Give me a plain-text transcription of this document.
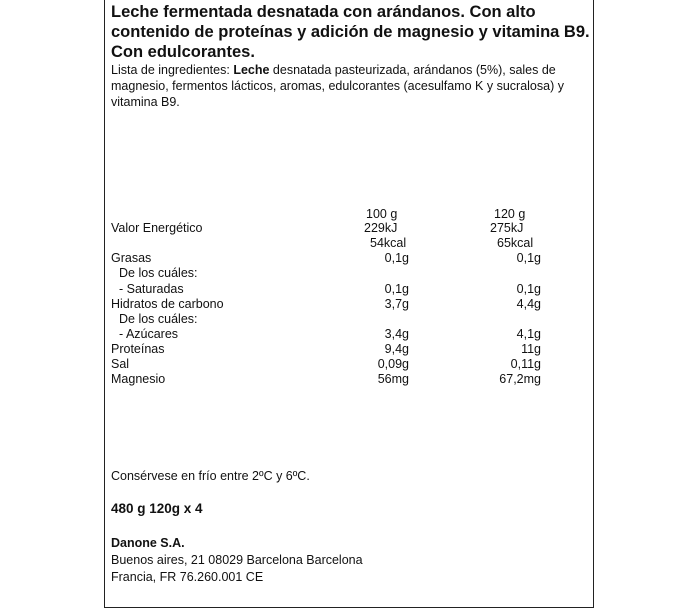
Leche fermentada desnatada con arándanos. Con alto contenido de proteínas y adición de magnesio y vitamina B9. Con edulcorantes.
Lista de ingredientes: Leche desnatada pasteurizada, arándanos (5%), sales de magnesio, fermentos lácticos, aromas, edulcorantes (acesulfamo K y sucralosa) y vitamina B9.
100 g	120 g
Valor Energético	229kJ	275kJ
54kcal	65kcal
Grasas	0,1g	0,1g
De los cuáles:
- Saturadas	0,1g	0,1g
Hidratos de carbono	3,7g	4,4g
De los cuáles:
- Azúcares	3,4g	4,1g
Proteínas	9,4g	11g
Sal	0,09g	0,11g
Magnesio	56mg	67,2mg
Consérvese en frío entre 2ºC y 6ºC.
480 g 120g x 4
Danone S.A.
Buenos aires, 21 08029 Barcelona Barcelona
Francia, FR 76.260.001 CE
